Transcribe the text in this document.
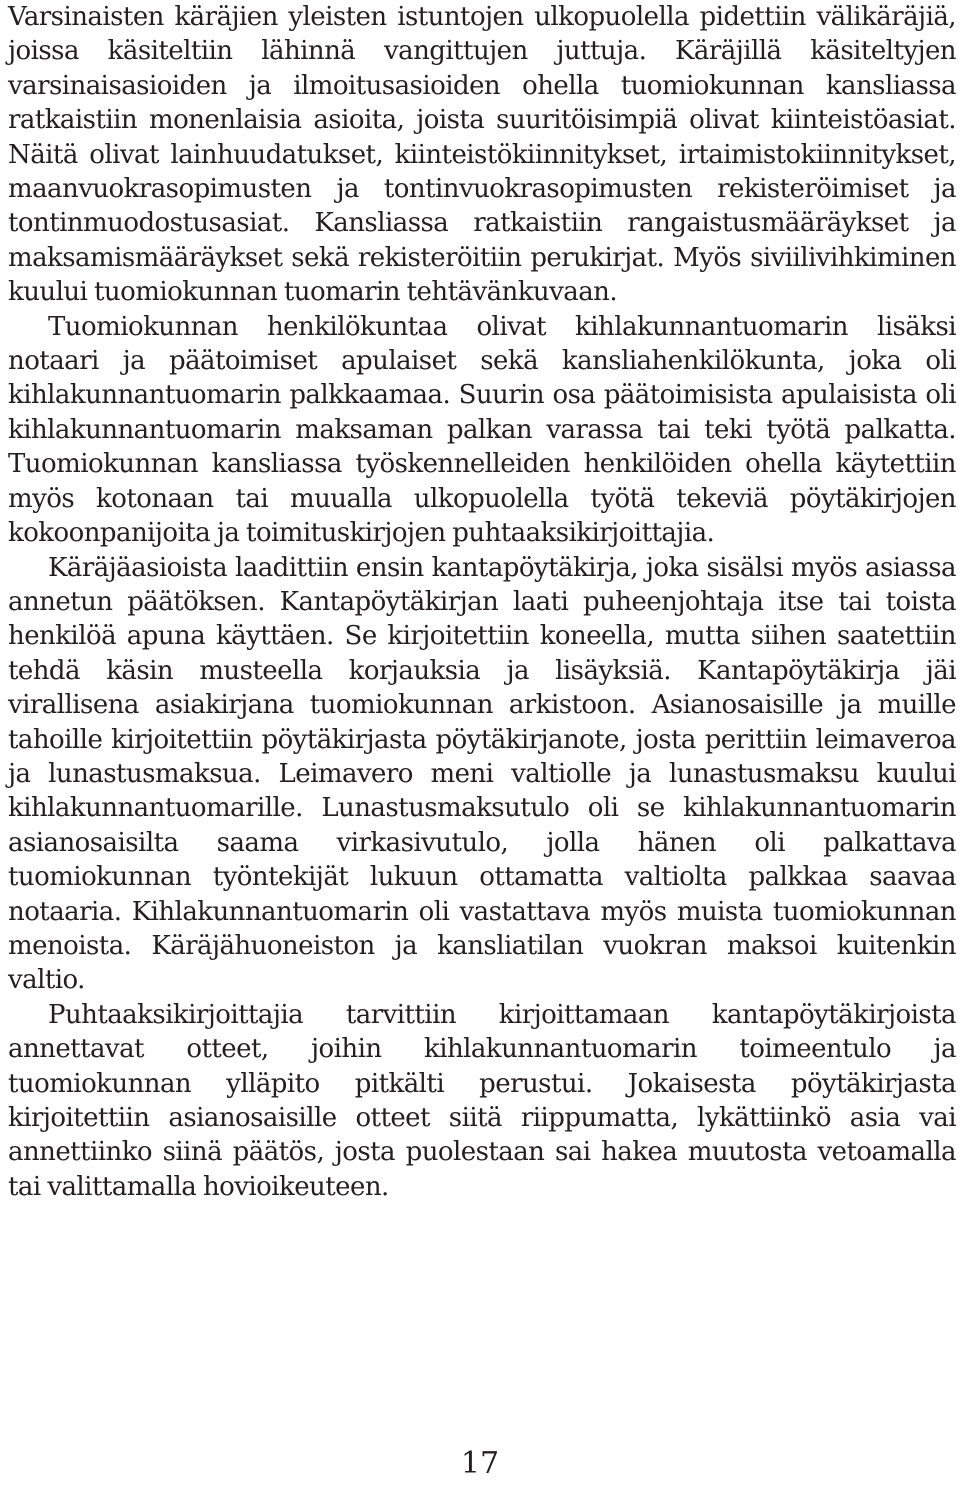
Varsinaisten käräjien yleisten istuntojen ulkopuolella pidettiin välikäräjiä, joissa käsiteltiin lähinnä vangittujen juttuja. Käräjillä käsiteltyjen varsinaisasioiden ja ilmoitusasioiden ohella tuomiokunnan kansliassa ratkaistiin monenlaisia asioita, joista suuritöisimpiä olivat kiinteistöasiat. Näitä olivat lainhuudatukset, kiinteistökiinnitykset, irtaimistokiinnitykset, maanvuokrasopimusten ja tontinvuokrasopimusten rekisteröimiset ja tontinmuodostusasiat. Kansliassa ratkaistiin rangaistusmääräykset ja maksamismääräykset sekä rekisteröitiin perukirjat. Myös siviilivihkiminen kuului tuomiokunnan tuomarin tehtävänkuvaan.

Tuomiokunnan henkilökuntaa olivat kihlakunnantuomarin lisäksi notaari ja päätoimiset apulaiset sekä kansliahenkilökunta, joka oli kihlakunnantuomarin palkkaamaa. Suurin osa päätoimisista apulaisista oli kihlakunnantuomarin maksaman palkan varassa tai teki työtä palkatta. Tuomiokunnan kansliassa työskennelleiden henkilöiden ohella käytettiin myös kotonaan tai muualla ulkopuolella työtä tekeviä pöytäkirjojen kokoonpanijoita ja toimituskirjojen puhtaaksikirjoittajia.

Käräjäasioista laadittiin ensin kantapöytäkirja, joka sisälsi myös asiassa annetun päätöksen. Kantapöytäkirjan laati puheenjohtaja itse tai toista henkilöä apuna käyttäen. Se kirjoitettiin koneella, mutta siihen saatettiin tehdä käsin musteella korjauksia ja lisäyksiä. Kantapöytäkirja jäi virallisena asiakirjana tuomiokunnan arkistoon. Asianosaisille ja muille tahoille kirjoitettiin pöytäkirjasta pöytäkirjanote, josta perittiin leimaveroa ja lunastusmaksua. Leimavero meni valtiolle ja lunastusmaksu kuului kihlakunnantuomarille. Lunastusmaksutulo oli se kihlakunnantuomarin asianosaisilta saama virkasivutulo, jolla hänen oli palkattava tuomiokunnan työntekijät lukuun ottamatta valtiolta palkkaa saavaa notaaria. Kihlakunnantuomarin oli vastattava myös muista tuomiokunnan menoista. Käräjähuoneiston ja kansliatilan vuokran maksoi kuitenkin valtio.

Puhtaaksikirjoittajia tarvittiin kirjoittamaan kantapöytäkirjoista annettavat otteet, joihin kihlakunnantuomarin toimeentulo ja tuomiokunnan ylläpito pitkälti perustui. Jokaisesta pöytäkirjasta kirjoitettiin asianosaisille otteet siitä riippumatta, lykättiinkö asia vai annettiinko siinä päätös, josta puolestaan sai hakea muutosta vetoamalla tai valittamalla hovioikeuteen.

17
